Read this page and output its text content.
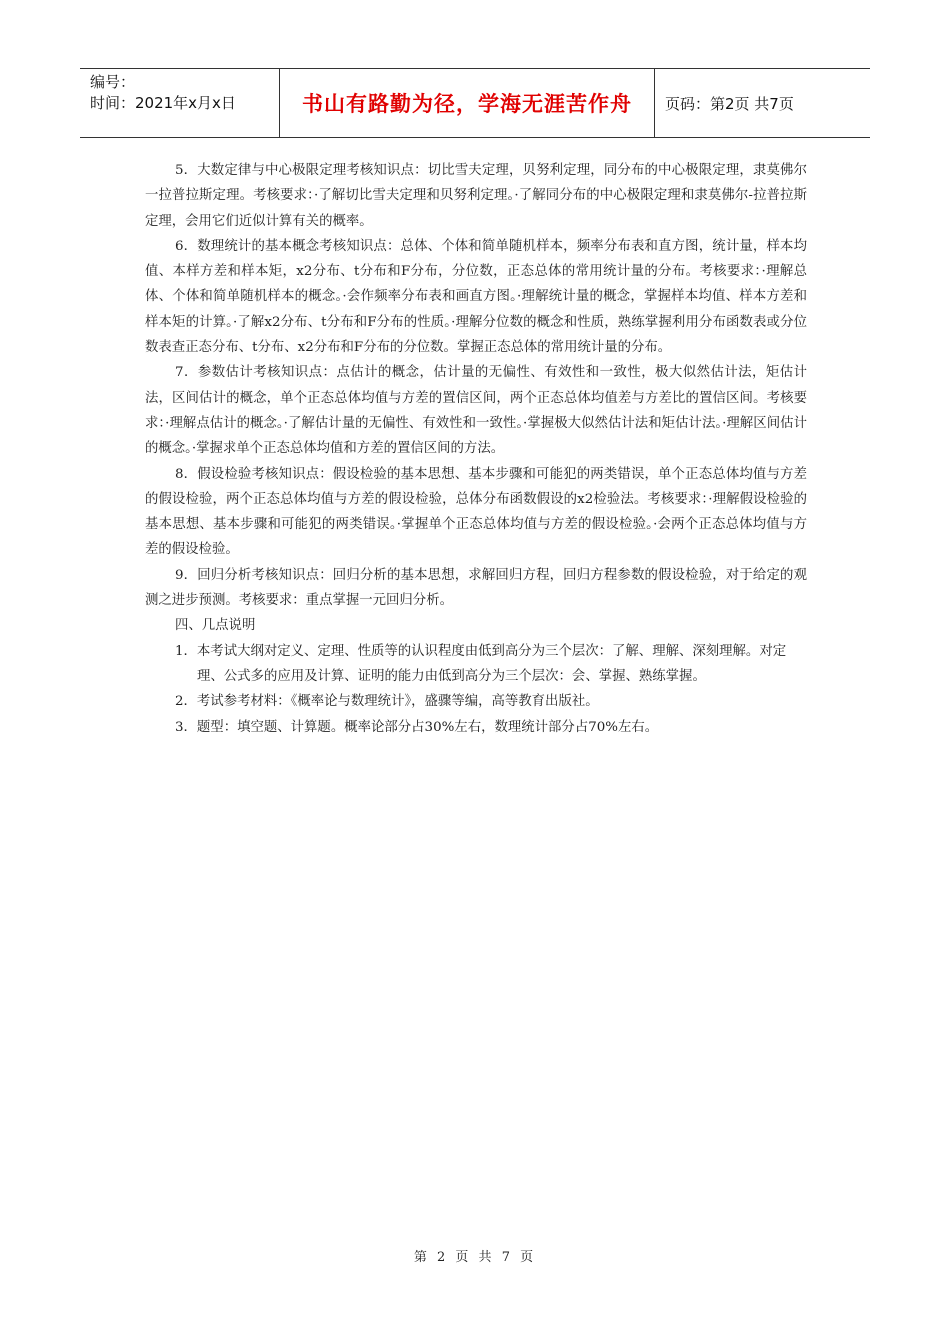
编号：
时间：2021年x月x日	书山有路勤为径，学海无涯苦作舟	页码：第2页 共7页

5．大数定律与中心极限定理考核知识点：切比雪夫定理，贝努利定理，同分布的中心极限定理，隶莫佛尔一拉普拉斯定理。考核要求：·了解切比雪夫定理和贝努利定理。·了解同分布的中心极限定理和隶莫佛尔-拉普拉斯定理，会用它们近似计算有关的概率。

6．数理统计的基本概念考核知识点：总体、个体和简单随机样本，频率分布表和直方图，统计量，样本均值、本样方差和样本矩，x2分布、t分布和F分布，分位数，正态总体的常用统计量的分布。考核要求：·理解总体、个体和简单随机样本的概念。·会作频率分布表和画直方图。·理解统计量的概念，掌握样本均值、样本方差和样本矩的计算。·了解x2分布、t分布和F分布的性质。·理解分位数的概念和性质，熟练掌握利用分布函数表或分位数表查正态分布、t分布、x2分布和F分布的分位数。掌握正态总体的常用统计量的分布。

7．参数估计考核知识点：点估计的概念，估计量的无偏性、有效性和一致性，极大似然估计法，矩估计法，区间估计的概念，单个正态总体均值与方差的置信区间，两个正态总体均值差与方差比的置信区间。考核要求：·理解点估计的概念。·了解估计量的无偏性、有效性和一致性。·掌握极大似然估计法和矩估计法。·理解区间估计的概念。·掌握求单个正态总体均值和方差的置信区间的方法。

8．假设检验考核知识点：假设检验的基本思想、基本步骤和可能犯的两类错误，单个正态总体均值与方差的假设检验，两个正态总体均值与方差的假设检验，总体分布函数假设的x2检验法。考核要求：·理解假设检验的基本思想、基本步骤和可能犯的两类错误。·掌握单个正态总体均值与方差的假设检验。·会两个正态总体均值与方差的假设检验。

9．回归分析考核知识点：回归分析的基本思想，求解回归方程，回归方程参数的假设检验，对于给定的观测之进步预测。考核要求：重点掌握一元回归分析。

四、几点说明

1．本考试大纲对定义、定理、性质等的认识程度由低到高分为三个层次：了解、理解、深刻理解。对定理、公式多的应用及计算、证明的能力由低到高分为三个层次：会、掌握、熟练掌握。

2．考试参考材料：《概率论与数理统计》，盛骤等编，高等教育出版社。

3．题型：填空题、计算题。概率论部分占30%左右，数理统计部分占70%左右。

第 2 页 共 7 页
